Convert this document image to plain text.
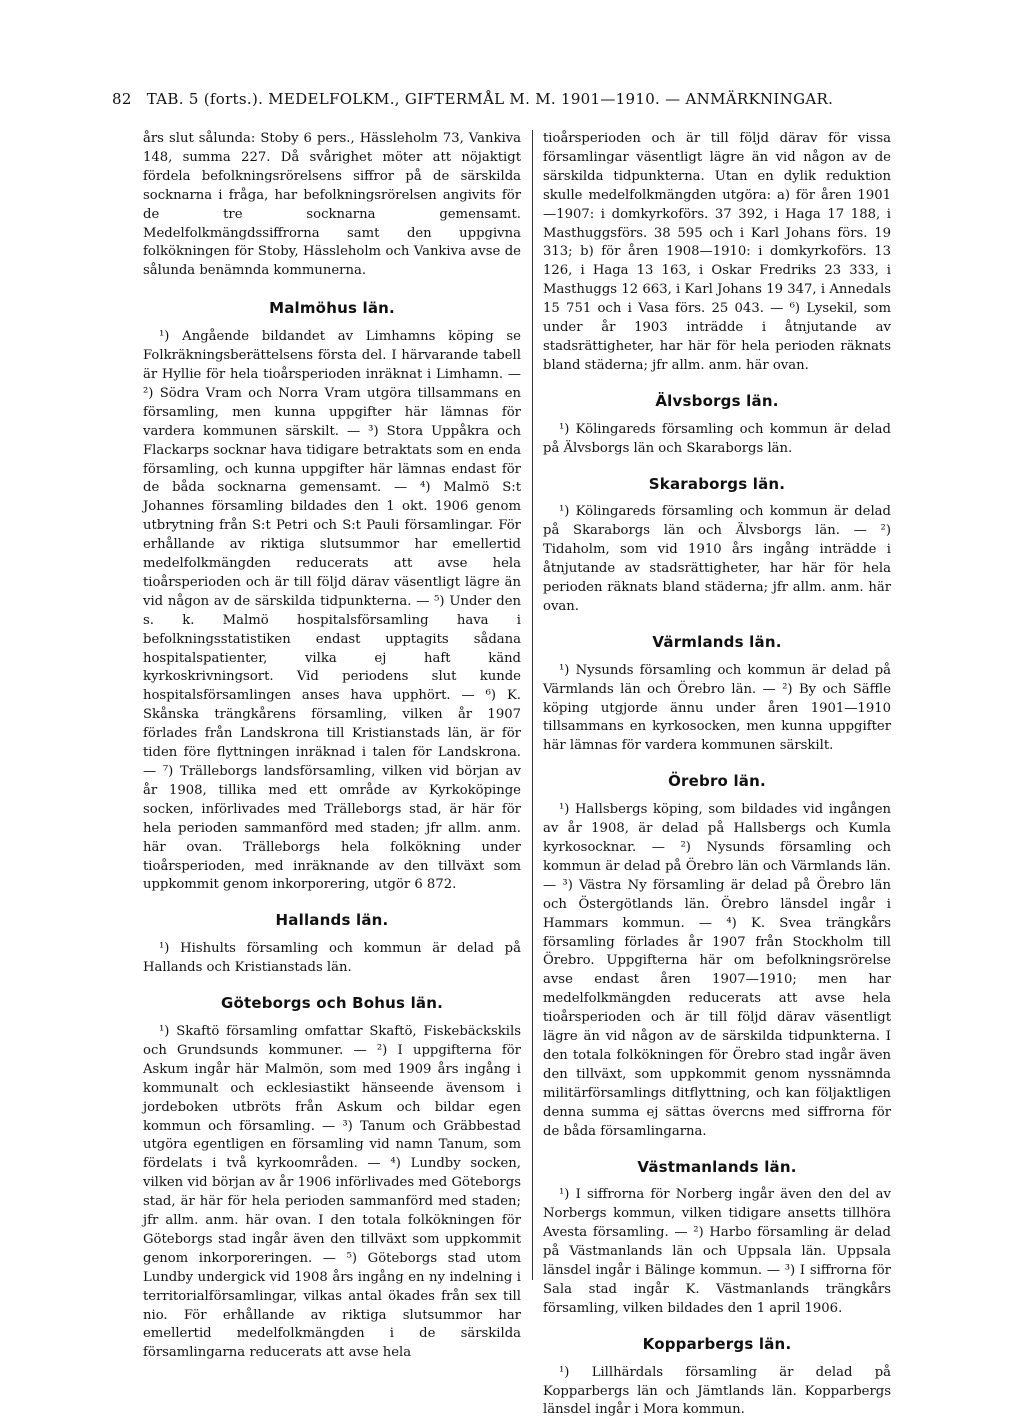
82 TAB. 5 (forts.). MEDELFOLKM., GIFTERMÅL M. M. 1901—1910. — ANMÄRKNINGAR.

års slut sålunda: Stoby 6 pers., Hässleholm 73, Vankiva 148, summa 227. Då svårighet möter att nöjaktigt fördela befolkningsrörelsens siffror på de särskilda socknarna i fråga, har befolkningsrörelsen angivits för de tre socknarna gemensamt. Medelfolkmängdssiffrorna samt den uppgivna folkökningen för Stoby, Hässleholm och Vankiva avse de sålunda benämnda kommunerna.

Malmöhus län.

¹) Angående bildandet av Limhamns köping se Folkräkningsberättelsens första del. I härvarande tabell är Hyllie för hela tioårsperioden inräknat i Limhamn. — ²) Södra Vram och Norra Vram utgöra tillsammans en församling, men kunna uppgifter här lämnas för vardera kommunen särskilt. — ³) Stora Uppåkra och Flackarps socknar hava tidigare betraktats som en enda församling, och kunna uppgifter här lämnas endast för de båda socknarna gemensamt. — ⁴) Malmö S:t Johannes församling bildades den 1 okt. 1906 genom utbrytning från S:t Petri och S:t Pauli församlingar. För erhållande av riktiga slutsummor har emellertid medelfolkmängden reducerats att avse hela tioårsperioden och är till följd därav väsentligt lägre än vid någon av de särskilda tidpunkterna. — ⁵) Under den s. k. Malmö hospitalsförsamling hava i befolkningsstatistiken endast upptagits sådana hospitalspatienter, vilka ej haft känd kyrkoskrivningsort. Vid periodens slut kunde hospitalsförsamlingen anses hava upphört. — ⁶) K. Skånska trängkårens församling, vilken år 1907 förlades från Landskrona till Kristianstads län, är för tiden före flyttningen inräknad i talen för Landskrona. — ⁷) Trälleborgs landsförsamling, vilken vid början av år 1908, tillika med ett område av Kyrkoköpinge socken, införlivades med Trälleborgs stad, är här för hela perioden sammanförd med staden; jfr allm. anm. här ovan. Trälleborgs hela folkökning under tioårsperioden, med inräknande av den tillväxt som uppkommit genom inkorporering, utgör 6 872.

Hallands län.

¹) Hishults församling och kommun är delad på Hallands och Kristianstads län.

Göteborgs och Bohus län.

¹) Skaftö församling omfattar Skaftö, Fiskebäckskils och Grundsunds kommuner. — ²) I uppgifterna för Askum ingår här Malmön, som med 1909 års ingång i kommunalt och ecklesiastikt hänseende ävensom i jordeboken utbröts från Askum och bildar egen kommun och församling. — ³) Tanum och Gräbbestad utgöra egentligen en församling vid namn Tanum, som fördelats i två kyrkoområden. — ⁴) Lundby socken, vilken vid början av år 1906 införlivades med Göteborgs stad, är här för hela perioden sammanförd med staden; jfr allm. anm. här ovan. I den totala folkökningen för Göteborgs stad ingår även den tillväxt som uppkommit genom inkorporeringen. — ⁵) Göteborgs stad utom Lundby undergick vid 1908 års ingång en ny indelning i territorialförsamlingar, vilkas antal ökades från sex till nio. För erhållande av riktiga slutsummor har emellertid medelfolkmängden i de särskilda församlingarna reducerats att avse hela

tioårsperioden och är till följd därav för vissa församlingar väsentligt lägre än vid någon av de särskilda tidpunkterna. Utan en dylik reduktion skulle medelfolkmängden utgöra: a) för åren 1901—1907: i domkyrkoförs. 37 392, i Haga 17 188, i Masthuggsförs. 38 595 och i Karl Johans förs. 19 313; b) för åren 1908—1910: i domkyrkoförs. 13 126, i Haga 13 163, i Oskar Fredriks 23 333, i Masthuggs 12 663, i Karl Johans 19 347, i Annedals 15 751 och i Vasa förs. 25 043. — ⁶) Lysekil, som under år 1903 inträdde i åtnjutande av stadsrättigheter, har här för hela perioden räknats bland städerna; jfr allm. anm. här ovan.

Älvsborgs län.

¹) Kölingareds församling och kommun är delad på Älvsborgs län och Skaraborgs län.

Skaraborgs län.

¹) Kölingareds församling och kommun är delad på Skaraborgs län och Älvsborgs län. — ²) Tidaholm, som vid 1910 års ingång inträdde i åtnjutande av stadsrättigheter, har här för hela perioden räknats bland städerna; jfr allm. anm. här ovan.

Värmlands län.

¹) Nysunds församling och kommun är delad på Värmlands län och Örebro län. — ²) By och Säffle köping utgjorde ännu under åren 1901—1910 tillsammans en kyrkosocken, men kunna uppgifter här lämnas för vardera kommunen särskilt.

Örebro län.

¹) Hallsbergs köping, som bildades vid ingången av år 1908, är delad på Hallsbergs och Kumla kyrkosocknar. — ²) Nysunds församling och kommun är delad på Örebro län och Värmlands län. — ³) Västra Ny församling är delad på Örebro län och Östergötlands län. Örebro länsdel ingår i Hammars kommun. — ⁴) K. Svea trängkårs församling förlades år 1907 från Stockholm till Örebro. Uppgifterna här om befolkningsrörelse avse endast åren 1907—1910; men har medelfolkmängden reducerats att avse hela tioårsperioden och är till följd därav väsentligt lägre än vid någon av de särskilda tidpunkterna. I den totala folkökningen för Örebro stad ingår även den tillväxt, som uppkommit genom nyssnämnda militärförsamlings ditflyttning, och kan följaktligen denna summa ej sättas övercns med siffrorna för de båda församlingarna.

Västmanlands län.

¹) I siffrorna för Norberg ingår även den del av Norbergs kommun, vilken tidigare ansetts tillhöra Avesta församling. — ²) Harbo församling är delad på Västmanlands län och Uppsala län. Uppsala länsdel ingår i Bälinge kommun. — ³) I siffrorna för Sala stad ingår K. Västmanlands trängkårs församling, vilken bildades den 1 april 1906.

Kopparbergs län.

¹) Lillhärdals församling är delad på Kopparbergs län och Jämtlands län. Kopparbergs länsdel ingår i Mora kommun.
